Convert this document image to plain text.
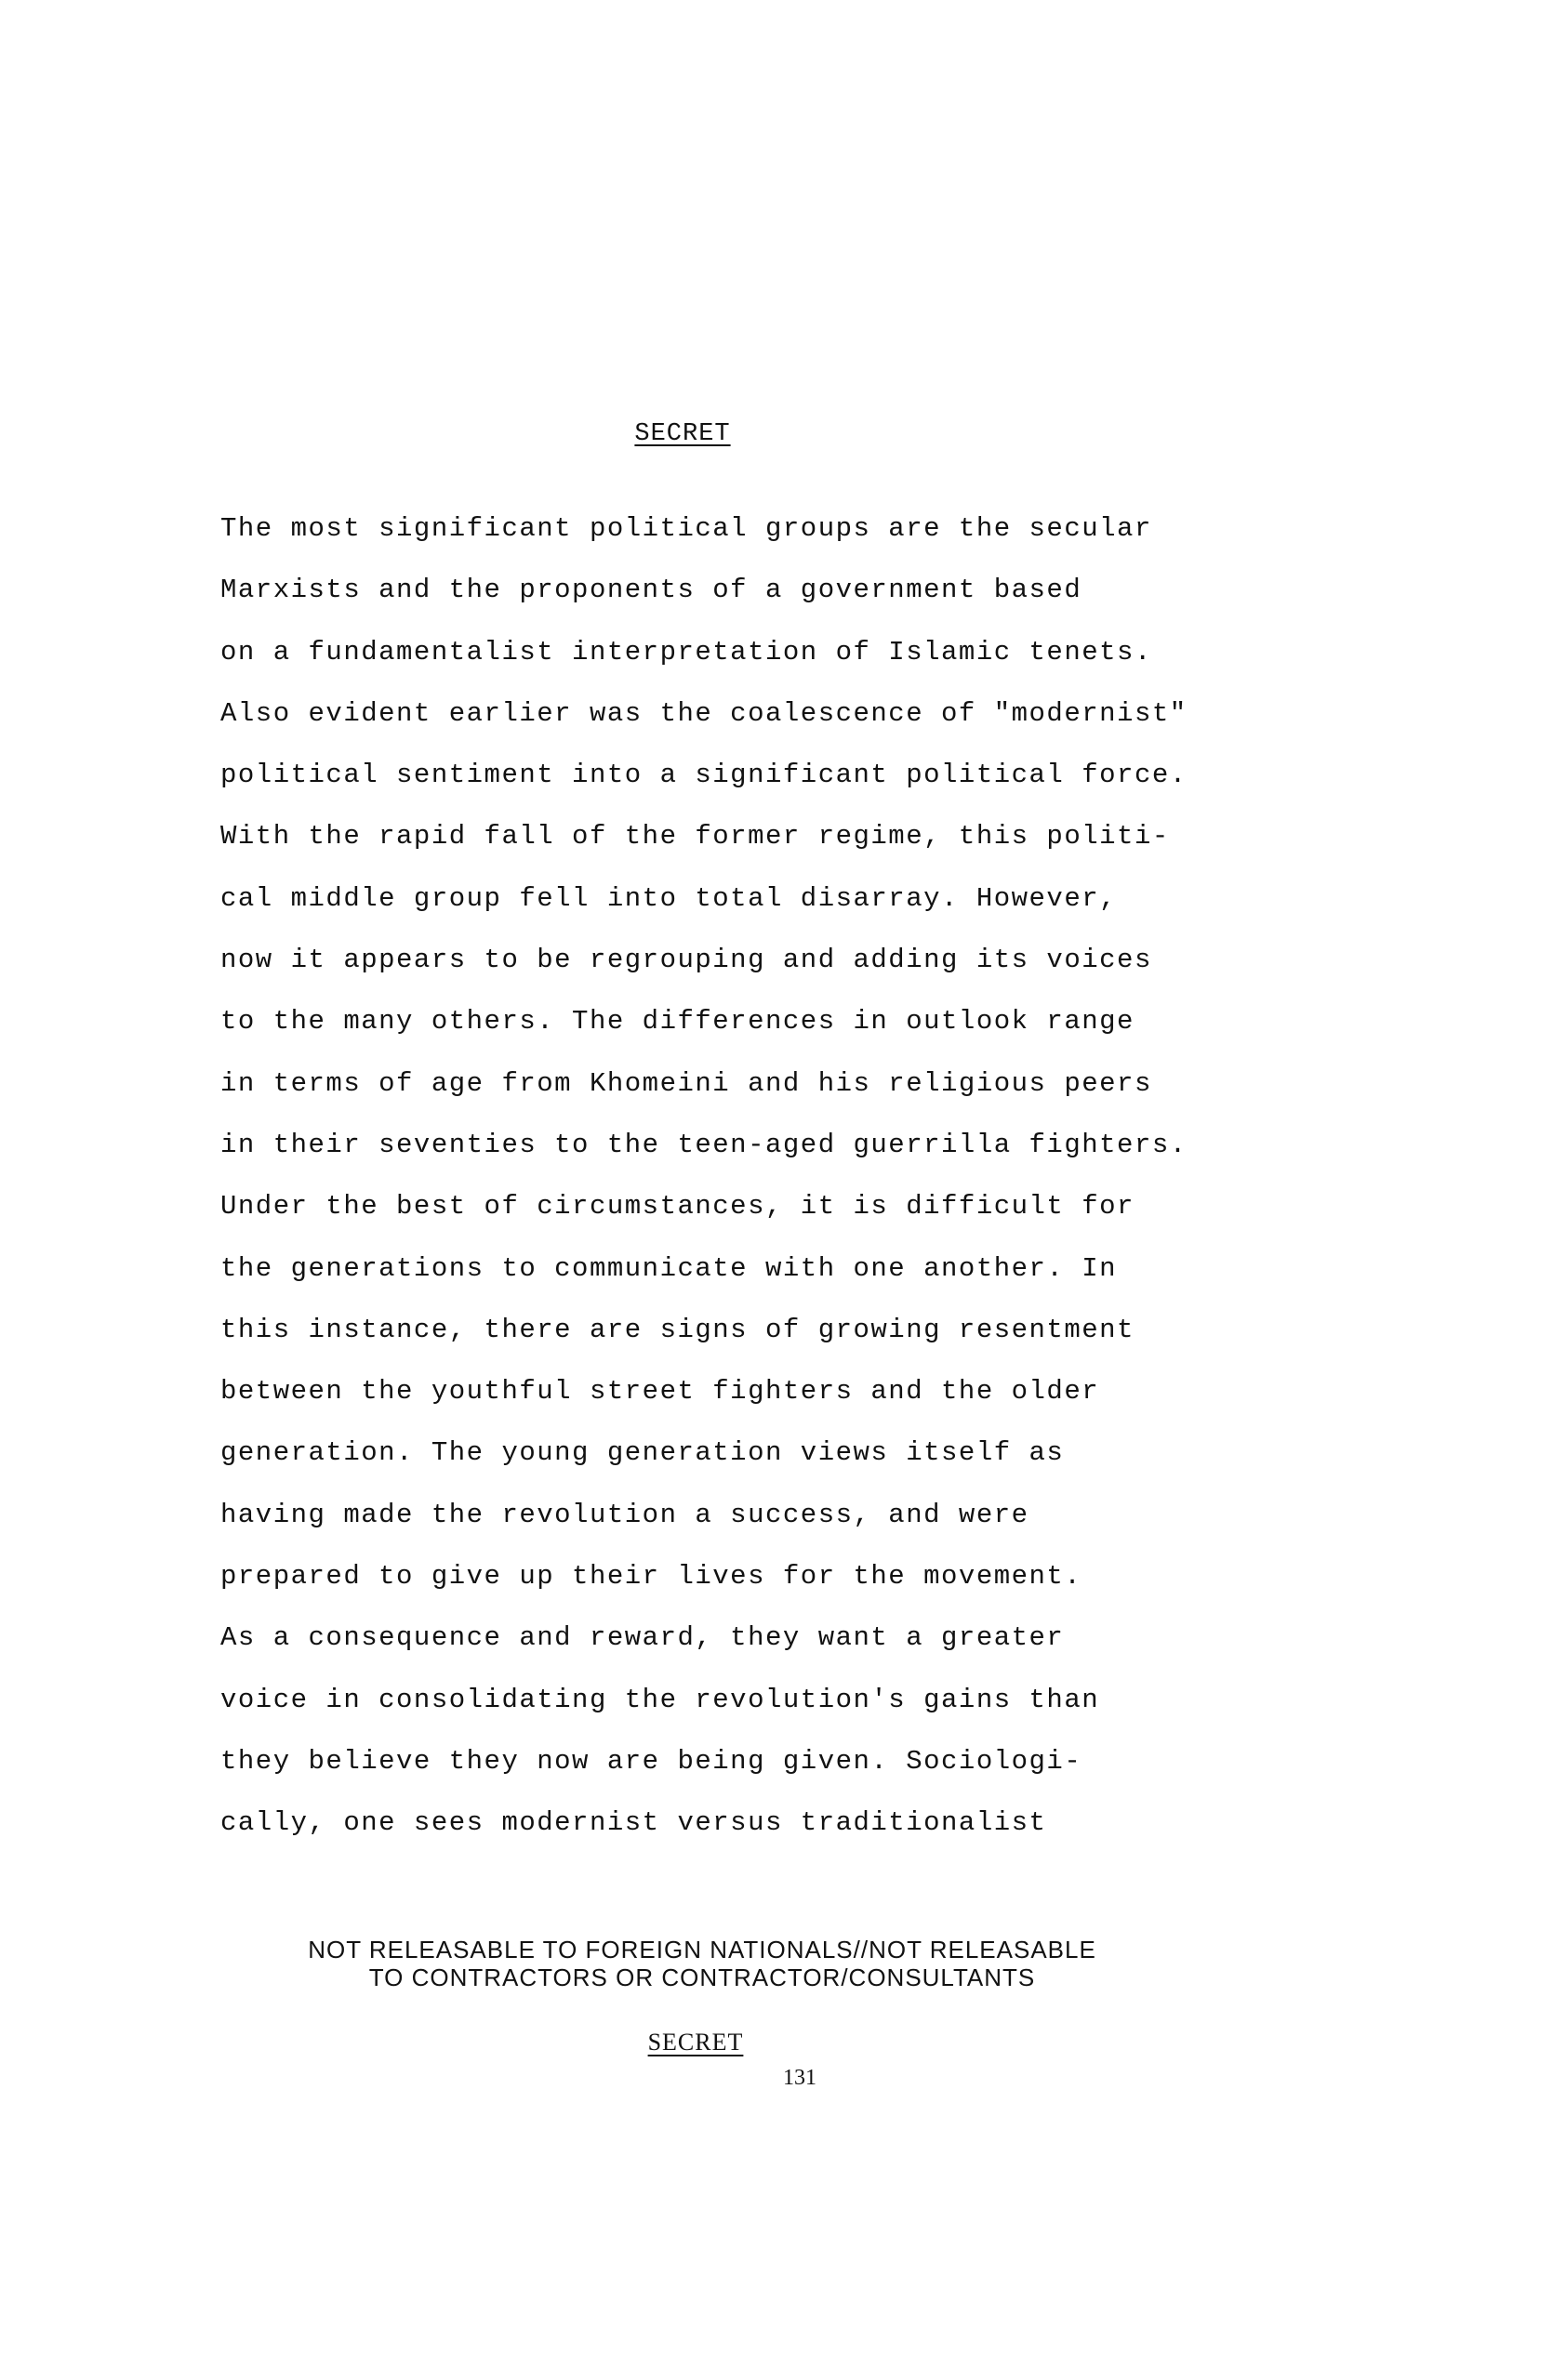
SECRET
The most significant political groups are the secular
Marxists and the proponents of a government based
on a fundamentalist interpretation of Islamic tenets.
Also evident earlier was the coalescence of "modernist"
political sentiment into a significant political force.
With the rapid fall of the former regime, this politi-
cal middle group fell into total disarray. However,
now it appears to be regrouping and adding its voices
to the many others. The differences in outlook range
in terms of age from Khomeini and his religious peers
in their seventies to the teen-aged guerrilla fighters.
Under the best of circumstances, it is difficult for
the generations to communicate with one another. In
this instance, there are signs of growing resentment
between the youthful street fighters and the older
generation. The young generation views itself as
having made the revolution a success, and were
prepared to give up their lives for the movement.
As a consequence and reward, they want a greater
voice in consolidating the revolution's gains than
they believe they now are being given. Sociologi-
cally, one sees modernist versus traditionalist
NOT RELEASABLE TO FOREIGN NATIONALS//NOT RELEASABLE
TO CONTRACTORS OR CONTRACTOR/CONSULTANTS
SECRET
131
